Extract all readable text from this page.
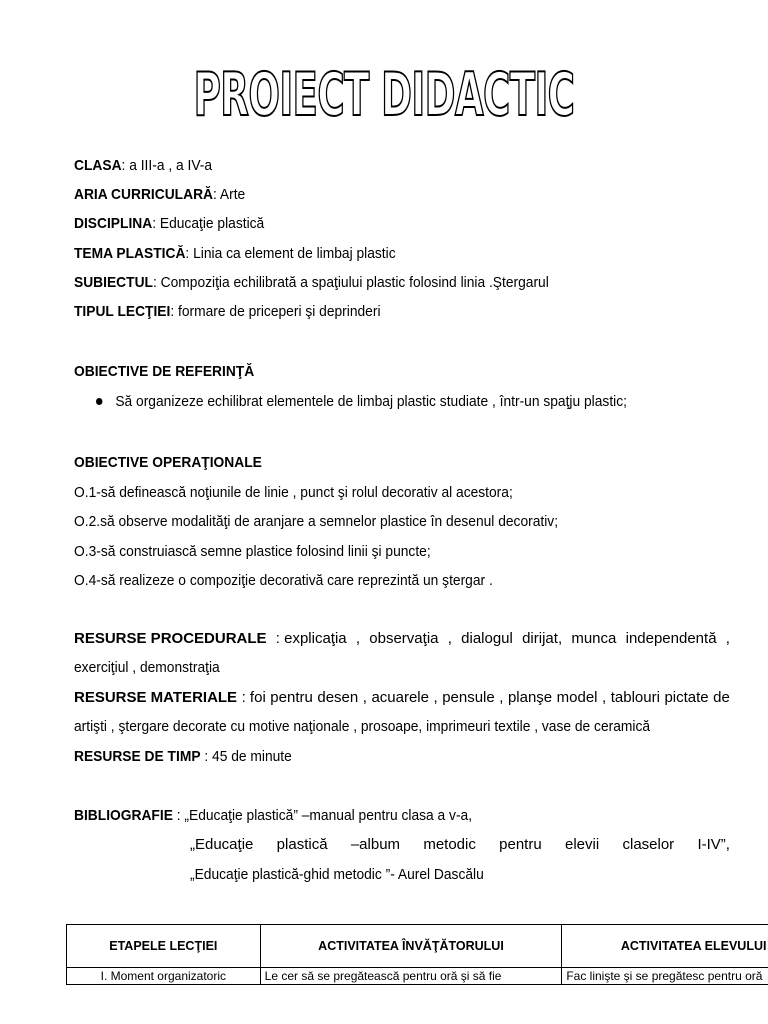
PROIECT DIDACTIC
CLASA: a III-a , a IV-a
ARIA CURRICULARĂ: Arte
DISCIPLINA: Educaţie plastică
TEMA PLASTICĂ: Linia ca element de limbaj plastic
SUBIECTUL: Compoziţia echilibrată a spaţiului plastic folosind linia .Ştergarul
TIPUL LECŢIEI: formare de priceperi şi deprinderi
OBIECTIVE DE REFERINŢĂ
Să organizeze echilibrat elementele de limbaj plastic studiate , într-un spaţju plastic;
OBIECTIVE OPERAŢIONALE
O.1-să definească noţiunile de linie , punct şi rolul decorativ al acestora;
O.2.să observe modalităţi de aranjare a semnelor plastice în desenul decorativ;
O.3-să construiască semne plastice folosind linii şi puncte;
O.4-să realizeze o compoziţie decorativă care reprezintă un ştergar .
RESURSE PROCEDURALE : explicaţia , observaţia , dialogul dirijat, munca independentă ,
exerciţiul , demonstraţia
RESURSE MATERIALE : foi pentru desen , acuarele , pensule , planşe model , tablouri pictate de
artişti , ştergare decorate cu motive naţionale , prosoape, imprimeuri textile , vase de ceramică
RESURSE DE TIMP : 45 de minute
BIBLIOGRAFIE : „Educaţie plastică” –manual pentru clasa a v-a,
„Educaţie plastică –album metodic pentru elevii claselor I-IV”,
„Educaţie plastică-ghid metodic ”- Aurel Dascălu
ETAPELE LECŢIEI	ACTIVITATEA ÎNVĂŢĂTORULUI	ACTIVITATEA ELEVULUI
I. Moment organizatoric	Le cer să se pregătească pentru oră şi să fie	Fac linişte şi se pregătesc pentru oră
